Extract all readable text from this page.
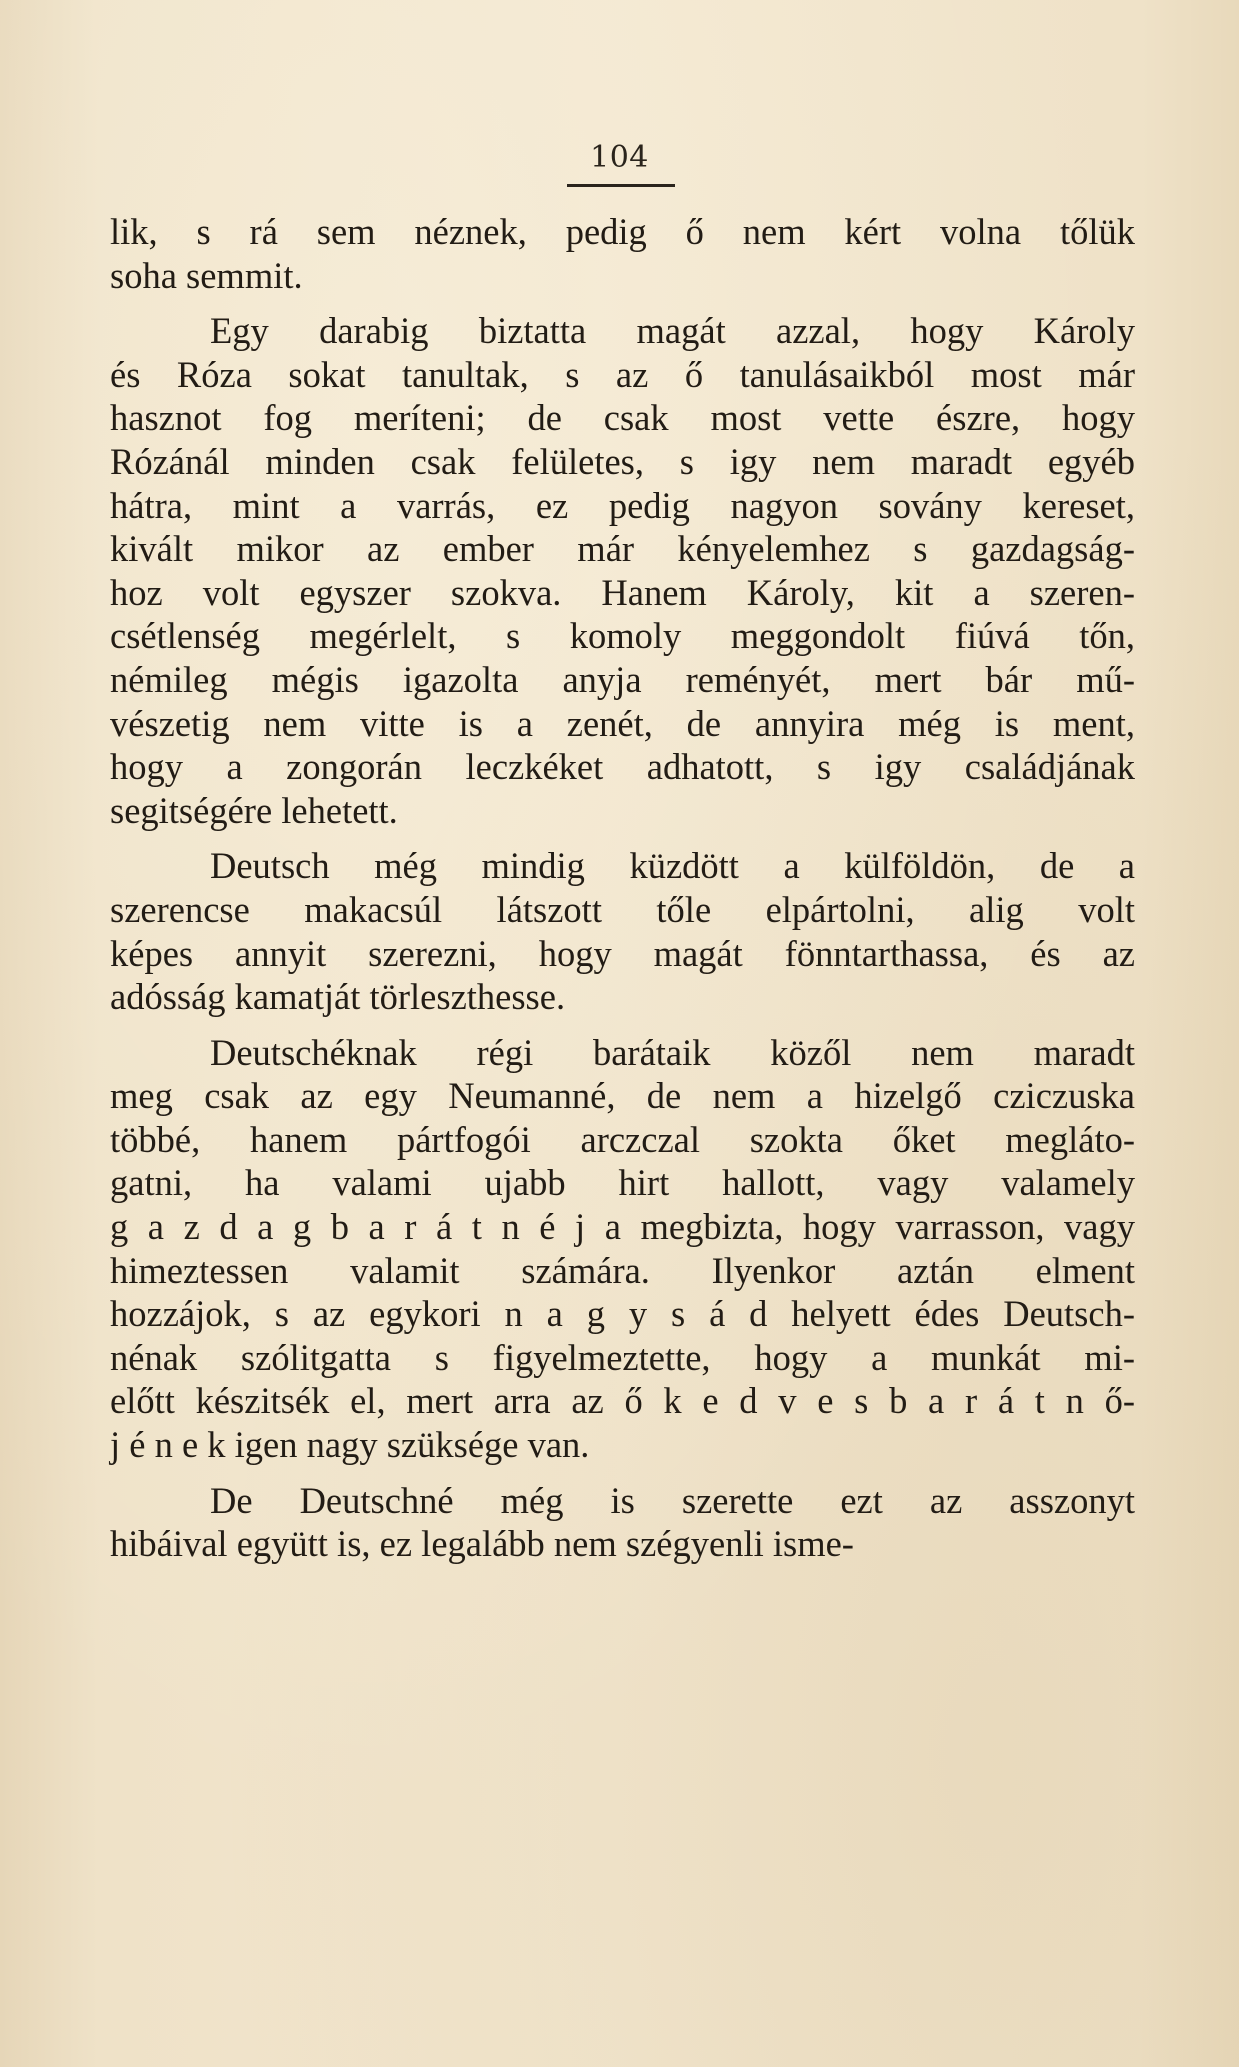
104
lik, s rá sem néznek, pedig ő nem kért volna tőlük
soha semmit.
Egy darabig biztatta magát azzal, hogy Károly
és Róza sokat tanultak, s az ő tanulásaikból most már
hasznot fog meríteni; de csak most vette észre, hogy
Rózánál minden csak felületes, s igy nem maradt egyéb
hátra, mint a varrás, ez pedig nagyon sovány kereset,
kivált mikor az ember már kényelemhez s gazdagság-
hoz volt egyszer szokva. Hanem Károly, kit a szeren-
csétlenség megérlelt, s komoly meggondolt fiúvá tőn,
némileg mégis igazolta anyja reményét, mert bár mű-
vészetig nem vitte is a zenét, de annyira még is ment,
hogy a zongorán leczkéket adhatott, s igy családjának
segitségére lehetett.
Deutsch még mindig küzdött a külföldön, de a
szerencse makacsúl látszott tőle elpártolni, alig volt
képes annyit szerezni, hogy magát fönntarthassa, és az
adósság kamatját törleszthesse.
Deutschéknak régi barátaik közől nem maradt
meg csak az egy Neumanné, de nem a hizelgő cziczuska
többé, hanem pártfogói arczczal szokta őket meglátо-
gatni, ha valami ujabb hirt hallott, vagy valamely
g a z d a g b a r á t n é j a megbizta, hogy varrasson, vagy
himeztessen valamit számára. Ilyenkor aztán elment
hozzájok, s az egykori n a g y s á d helyett édes Deutsch-
nénak szólitgatta s figyelmeztette, hogy a munkát mi-
előtt készitsék el, mert arra az ő k e d v e s b a r á t n ő-
j é n e k igen nagy szüksége van.
De Deutschné még is szerette ezt az asszonyt
hibáival együtt is, ez legalább nem szégyenli isme-
